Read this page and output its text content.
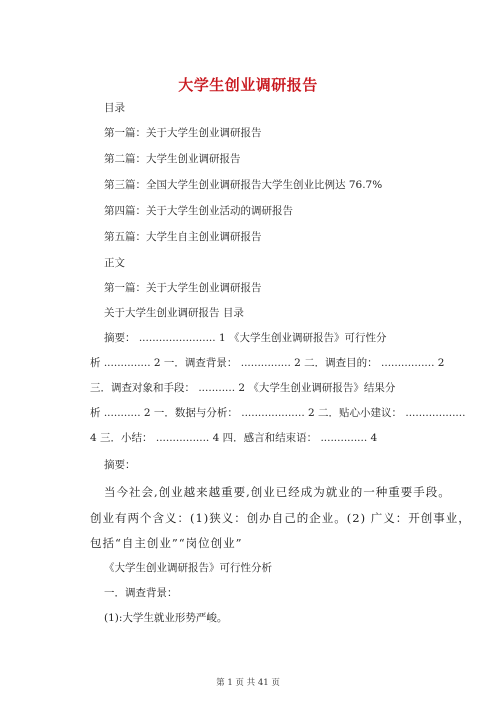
大学生创业调研报告
目录
第一篇：关于大学生创业调研报告
第二篇：大学生创业调研报告
第三篇：全国大学生创业调研报告大学生创业比例达 76.7%
第四篇：关于大学生创业活动的调研报告
第五篇：大学生自主创业调研报告
正文
第一篇：关于大学生创业调研报告
关于大学生创业调研报告 目录
摘要： ....................... 1 《大学生创业调研报告》可行性分
析 .............. 2 一．调查背景： ............... 2 二．调查目的： ................ 2
三．调查对象和手段： ........... 2 《大学生创业调研报告》结果分
析 ........... 2 一．数据与分析： ................... 2 二．贴心小建议： ..................
4 三．小结： ................ 4 四．感言和结束语： .............. 4
摘要：
当今社会,创业越来越重要,创业已经成为就业的一种重要手段。
创业有两个含义：(1)狭义：创办自己的企业。(2) 广义：开创事业，
包括“自主创业”“岗位创业”
《大学生创业调研报告》可行性分析
一．调查背景：
(1):大学生就业形势严峻。
第 1 页 共 41 页
